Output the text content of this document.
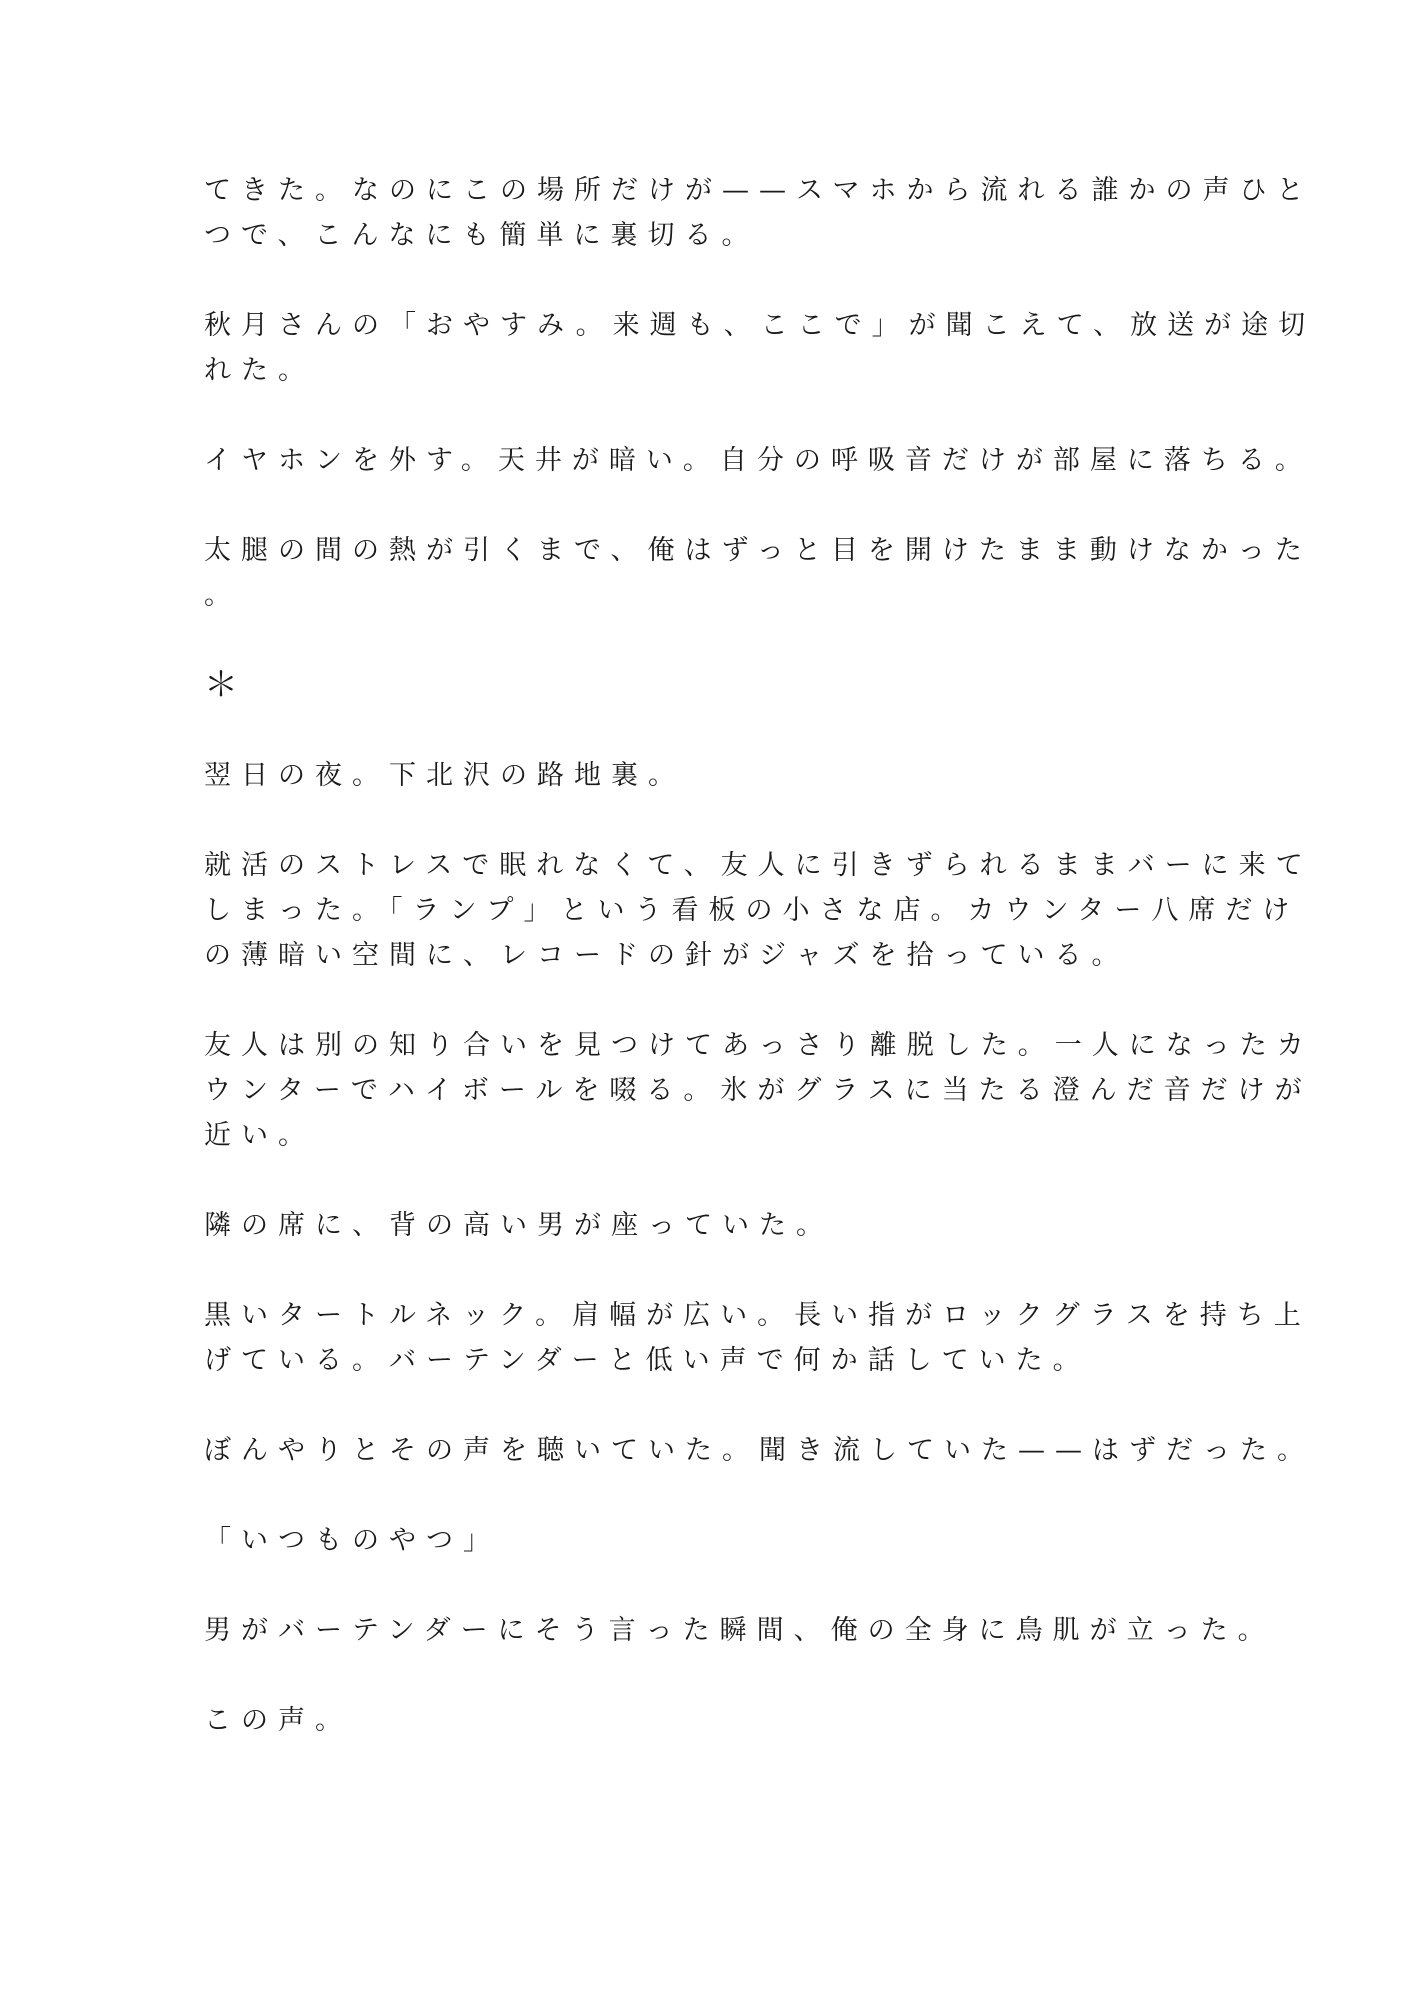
てきた。なのにこの場所だけが——スマホから流れる誰かの声ひと
つで、こんなにも簡単に裏切る。
秋月さんの「おやすみ。来週も、ここで」が聞こえて、放送が途切
れた。
イヤホンを外す。天井が暗い。自分の呼吸音だけが部屋に落ちる。
太腿の間の熱が引くまで、俺はずっと目を開けたまま動けなかった
。
＊
翌日の夜。下北沢の路地裏。
就活のストレスで眠れなくて、友人に引きずられるままバーに来て
しまった。「ランプ」という看板の小さな店。カウンター八席だけ
の薄暗い空間に、レコードの針がジャズを拾っている。
友人は別の知り合いを見つけてあっさり離脱した。一人になったカ
ウンターでハイボールを啜る。氷がグラスに当たる澄んだ音だけが
近い。
隣の席に、背の高い男が座っていた。
黒いタートルネック。肩幅が広い。長い指がロックグラスを持ち上
げている。バーテンダーと低い声で何か話していた。
ぼんやりとその声を聴いていた。聞き流していた——はずだった。
「いつものやつ」
男がバーテンダーにそう言った瞬間、俺の全身に鳥肌が立った。
この声。
